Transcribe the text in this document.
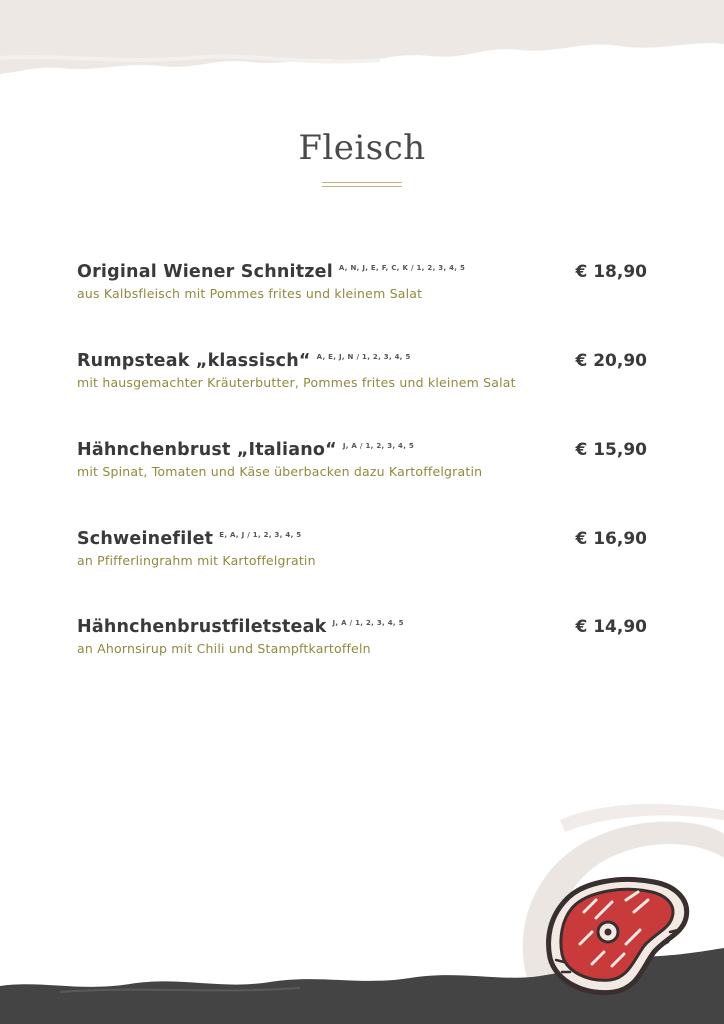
Fleisch
Original Wiener Schnitzel $^{A, N, J, E, F, C, K / 1, 2, 3, 4, 5}$	€ 18,90
aus Kalbsfleisch mit Pommes frites und kleinem Salat
Rumpsteak „klassisch“ $^{A, E, J, N / 1, 2, 3, 4, 5}$	€ 20,90
mit hausgemachter Kräuterbutter, Pommes frites und kleinem Salat
Hähnchenbrust „Italiano“ $^{J, A / 1, 2, 3, 4, 5}$	€ 15,90
mit Spinat, Tomaten und Käse überbacken dazu Kartoffelgratin
Schweinefilet $^{E, A, J / 1, 2, 3, 4, 5}$	€ 16,90
an Pfifferlingrahm mit Kartoffelgratin
Hähnchenbrustfiletsteak $^{J, A / 1, 2, 3, 4, 5}$	€ 14,90
an Ahornsirup mit Chili und Stampftkartoffeln
